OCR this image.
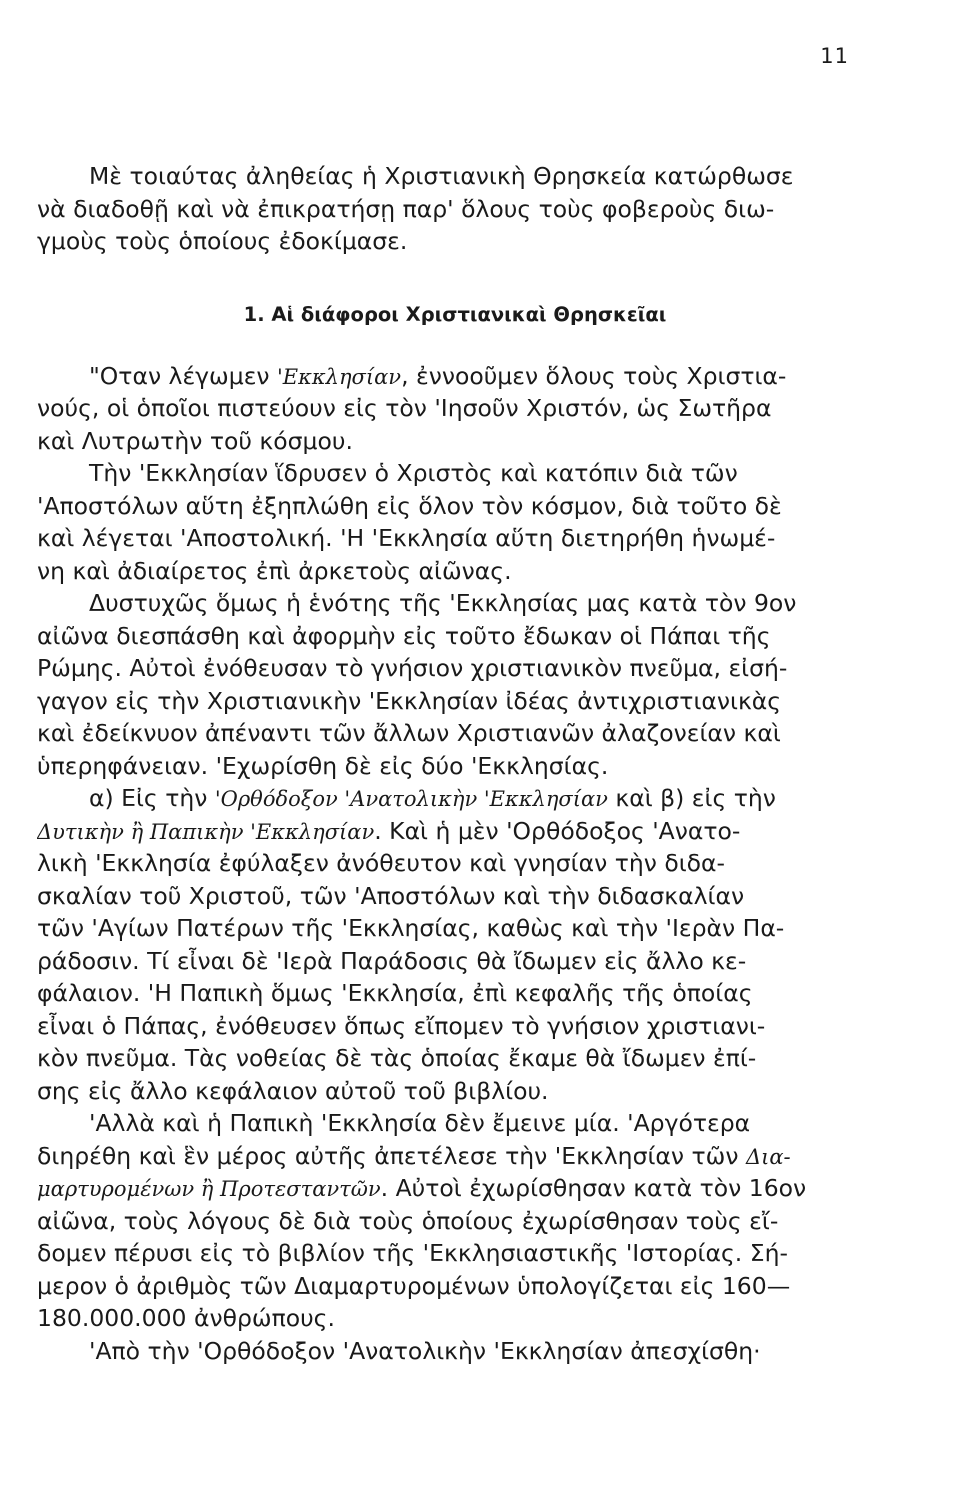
11
Μὲ τοιαύτας ἀληθείας ἡ Χριστιανικὴ Θρησκεία κατώρθωσε
νὰ διαδοθῇ καὶ νὰ ἐπικρατήσῃ παρ' ὅλους τοὺς φοβεροὺς διω-
γμοὺς τοὺς ὁποίους ἐδοκίμασε.
1. Αἱ διάφοροι Χριστιανικαὶ Θρησκεῖαι
"Οταν λέγωμεν 'Εκκλησίαν, ἐννοοῦμεν ὅλους τοὺς Χριστια-
νούς, οἱ ὁποῖοι πιστεύουν εἰς τὸν 'Ιησοῦν Χριστόν, ὡς Σωτῆρα
καὶ Λυτρωτὴν τοῦ κόσμου.
Τὴν 'Εκκλησίαν ἵδρυσεν ὁ Χριστὸς καὶ κατόπιν διὰ τῶν
'Αποστόλων αὕτη ἐξηπλώθη εἰς ὅλον τὸν κόσμον, διὰ τοῦτο δὲ
καὶ λέγεται 'Αποστολική. 'Η 'Εκκλησία αὕτη διετηρήθη ἡνωμέ-
νη καὶ ἀδιαίρετος ἐπὶ ἀρκετοὺς αἰῶνας.
Δυστυχῶς ὅμως ἡ ἑνότης τῆς 'Εκκλησίας μας κατὰ τὸν 9ον
αἰῶνα διεσπάσθη καὶ ἀφορμὴν εἰς τοῦτο ἔδωκαν οἱ Πάπαι τῆς
Ρώμης. Αὐτοὶ ἐνόθευσαν τὸ γνήσιον χριστιανικὸν πνεῦμα, εἰσή-
γαγον εἰς τὴν Χριστιανικὴν 'Εκκλησίαν ἰδέας ἀντιχριστιανικὰς
καὶ ἐδείκνυον ἀπέναντι τῶν ἄλλων Χριστιανῶν ἀλαζονείαν καὶ
ὑπερηφάνειαν. 'Εχωρίσθη δὲ εἰς δύο 'Εκκλησίας.
α) Εἰς τὴν 'Ορθόδοξον 'Ανατολικὴν 'Εκκλησίαν καὶ β) εἰς τὴν
Δυτικὴν ἢ Παπικὴν 'Εκκλησίαν. Καὶ ἡ μὲν 'Ορθόδοξος 'Ανατο-
λικὴ 'Εκκλησία ἐφύλαξεν ἀνόθευτον καὶ γνησίαν τὴν διδα-
σκαλίαν τοῦ Χριστοῦ, τῶν 'Αποστόλων καὶ τὴν διδασκαλίαν
τῶν 'Αγίων Πατέρων τῆς 'Εκκλησίας, καθὼς καὶ τὴν 'Ιερὰν Πα-
ράδοσιν. Τί εἶναι δὲ 'Ιερὰ Παράδοσις θὰ ἴδωμεν εἰς ἄλλο κε-
φάλαιον. 'Η Παπικὴ ὅμως 'Εκκλησία, ἐπὶ κεφαλῆς τῆς ὁποίας
εἶναι ὁ Πάπας, ἐνόθευσεν ὅπως εἴπομεν τὸ γνήσιον χριστιανι-
κὸν πνεῦμα. Τὰς νοθείας δὲ τὰς ὁποίας ἔκαμε θὰ ἴδωμεν ἐπί-
σης εἰς ἄλλο κεφάλαιον αὐτοῦ τοῦ βιβλίου.
'Αλλὰ καὶ ἡ Παπικὴ 'Εκκλησία δὲν ἔμεινε μία. 'Αργότερα
διηρέθη καὶ ἓν μέρος αὐτῆς ἀπετέλεσε τὴν 'Εκκλησίαν τῶν Δια-
μαρτυρομένων ἢ Προτεσταντῶν. Αὐτοὶ ἐχωρίσθησαν κατὰ τὸν 16ον
αἰῶνα, τοὺς λόγους δὲ διὰ τοὺς ὁποίους ἐχωρίσθησαν τοὺς εἴ-
δομεν πέρυσι εἰς τὸ βιβλίον τῆς 'Εκκλησιαστικῆς 'Ιστορίας. Σή-
μερον ὁ ἀριθμὸς τῶν Διαμαρτυρομένων ὑπολογίζεται εἰς 160—
180.000.000 ἀνθρώπους.
'Απὸ τὴν 'Ορθόδοξον 'Ανατολικὴν 'Εκκλησίαν ἀπεσχίσθη·
